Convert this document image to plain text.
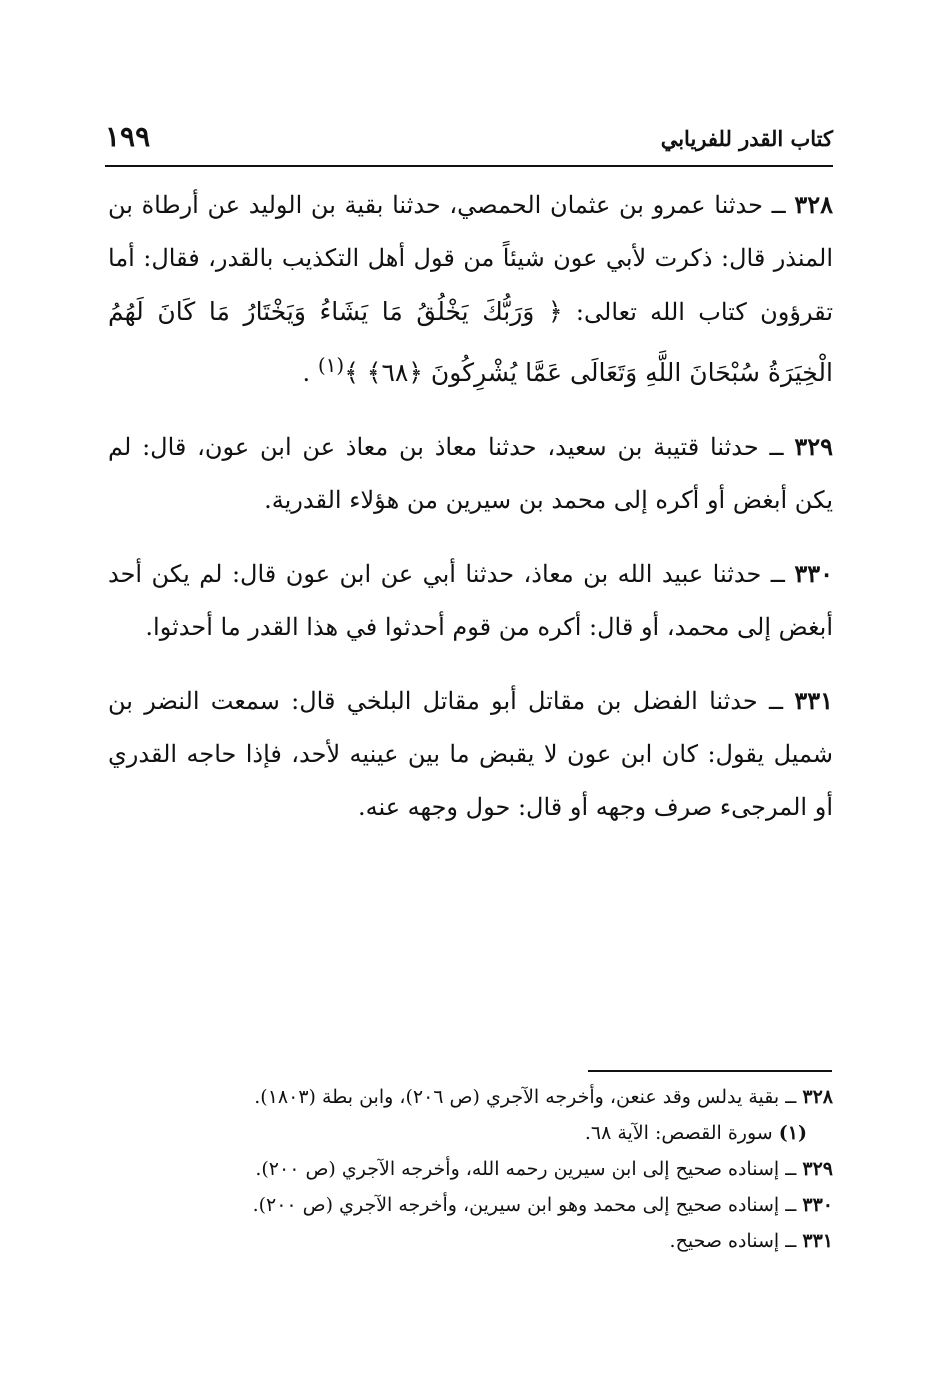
كتاب القدر للفريابي
١٩٩

٣٢٨ ــ حدثنا عمرو بن عثمان الحمصي، حدثنا بقية بن الوليد عن أرطاة بن المنذر قال: ذكرت لأبي عون شيئاً من قول أهل التكذيب بالقدر، فقال: أما تقرؤون كتاب الله تعالى: ﴿ وَرَبُّكَ يَخْلُقُ مَا يَشَاءُ وَيَخْتَارُ مَا كَانَ لَهُمُ الْخِيَرَةُ سُبْحَانَ اللَّهِ وَتَعَالَى عَمَّا يُشْرِكُونَ ﴿٦٨﴾ ﴾$^{(١)}$ .

٣٢٩ ــ حدثنا قتيبة بن سعيد، حدثنا معاذ بن معاذ عن ابن عون، قال: لم يكن أبغض أو أكره إلى محمد بن سيرين من هؤلاء القدرية.

٣٣٠ ــ حدثنا عبيد الله بن معاذ، حدثنا أبي عن ابن عون قال: لم يكن أحد أبغض إلى محمد، أو قال: أكره من قوم أحدثوا في هذا القدر ما أحدثوا.

٣٣١ ــ حدثنا الفضل بن مقاتل أبو مقاتل البلخي قال: سمعت النضر بن شميل يقول: كان ابن عون لا يقبض ما بين عينيه لأحد، فإذا حاجه القدري أو المرجىء صرف وجهه أو قال: حول وجهه عنه.

٣٢٨ ــ بقية يدلس وقد عنعن، وأخرجه الآجري (ص ٢٠٦)، وابن بطة (١٨٠٣).

(١) سورة القصص: الآية ٦٨.

٣٢٩ ــ إسناده صحيح إلى ابن سيرين رحمه الله، وأخرجه الآجري (ص ٢٠٠).

٣٣٠ ــ إسناده صحيح إلى محمد وهو ابن سيرين، وأخرجه الآجري (ص ٢٠٠).

٣٣١ ــ إسناده صحيح.
